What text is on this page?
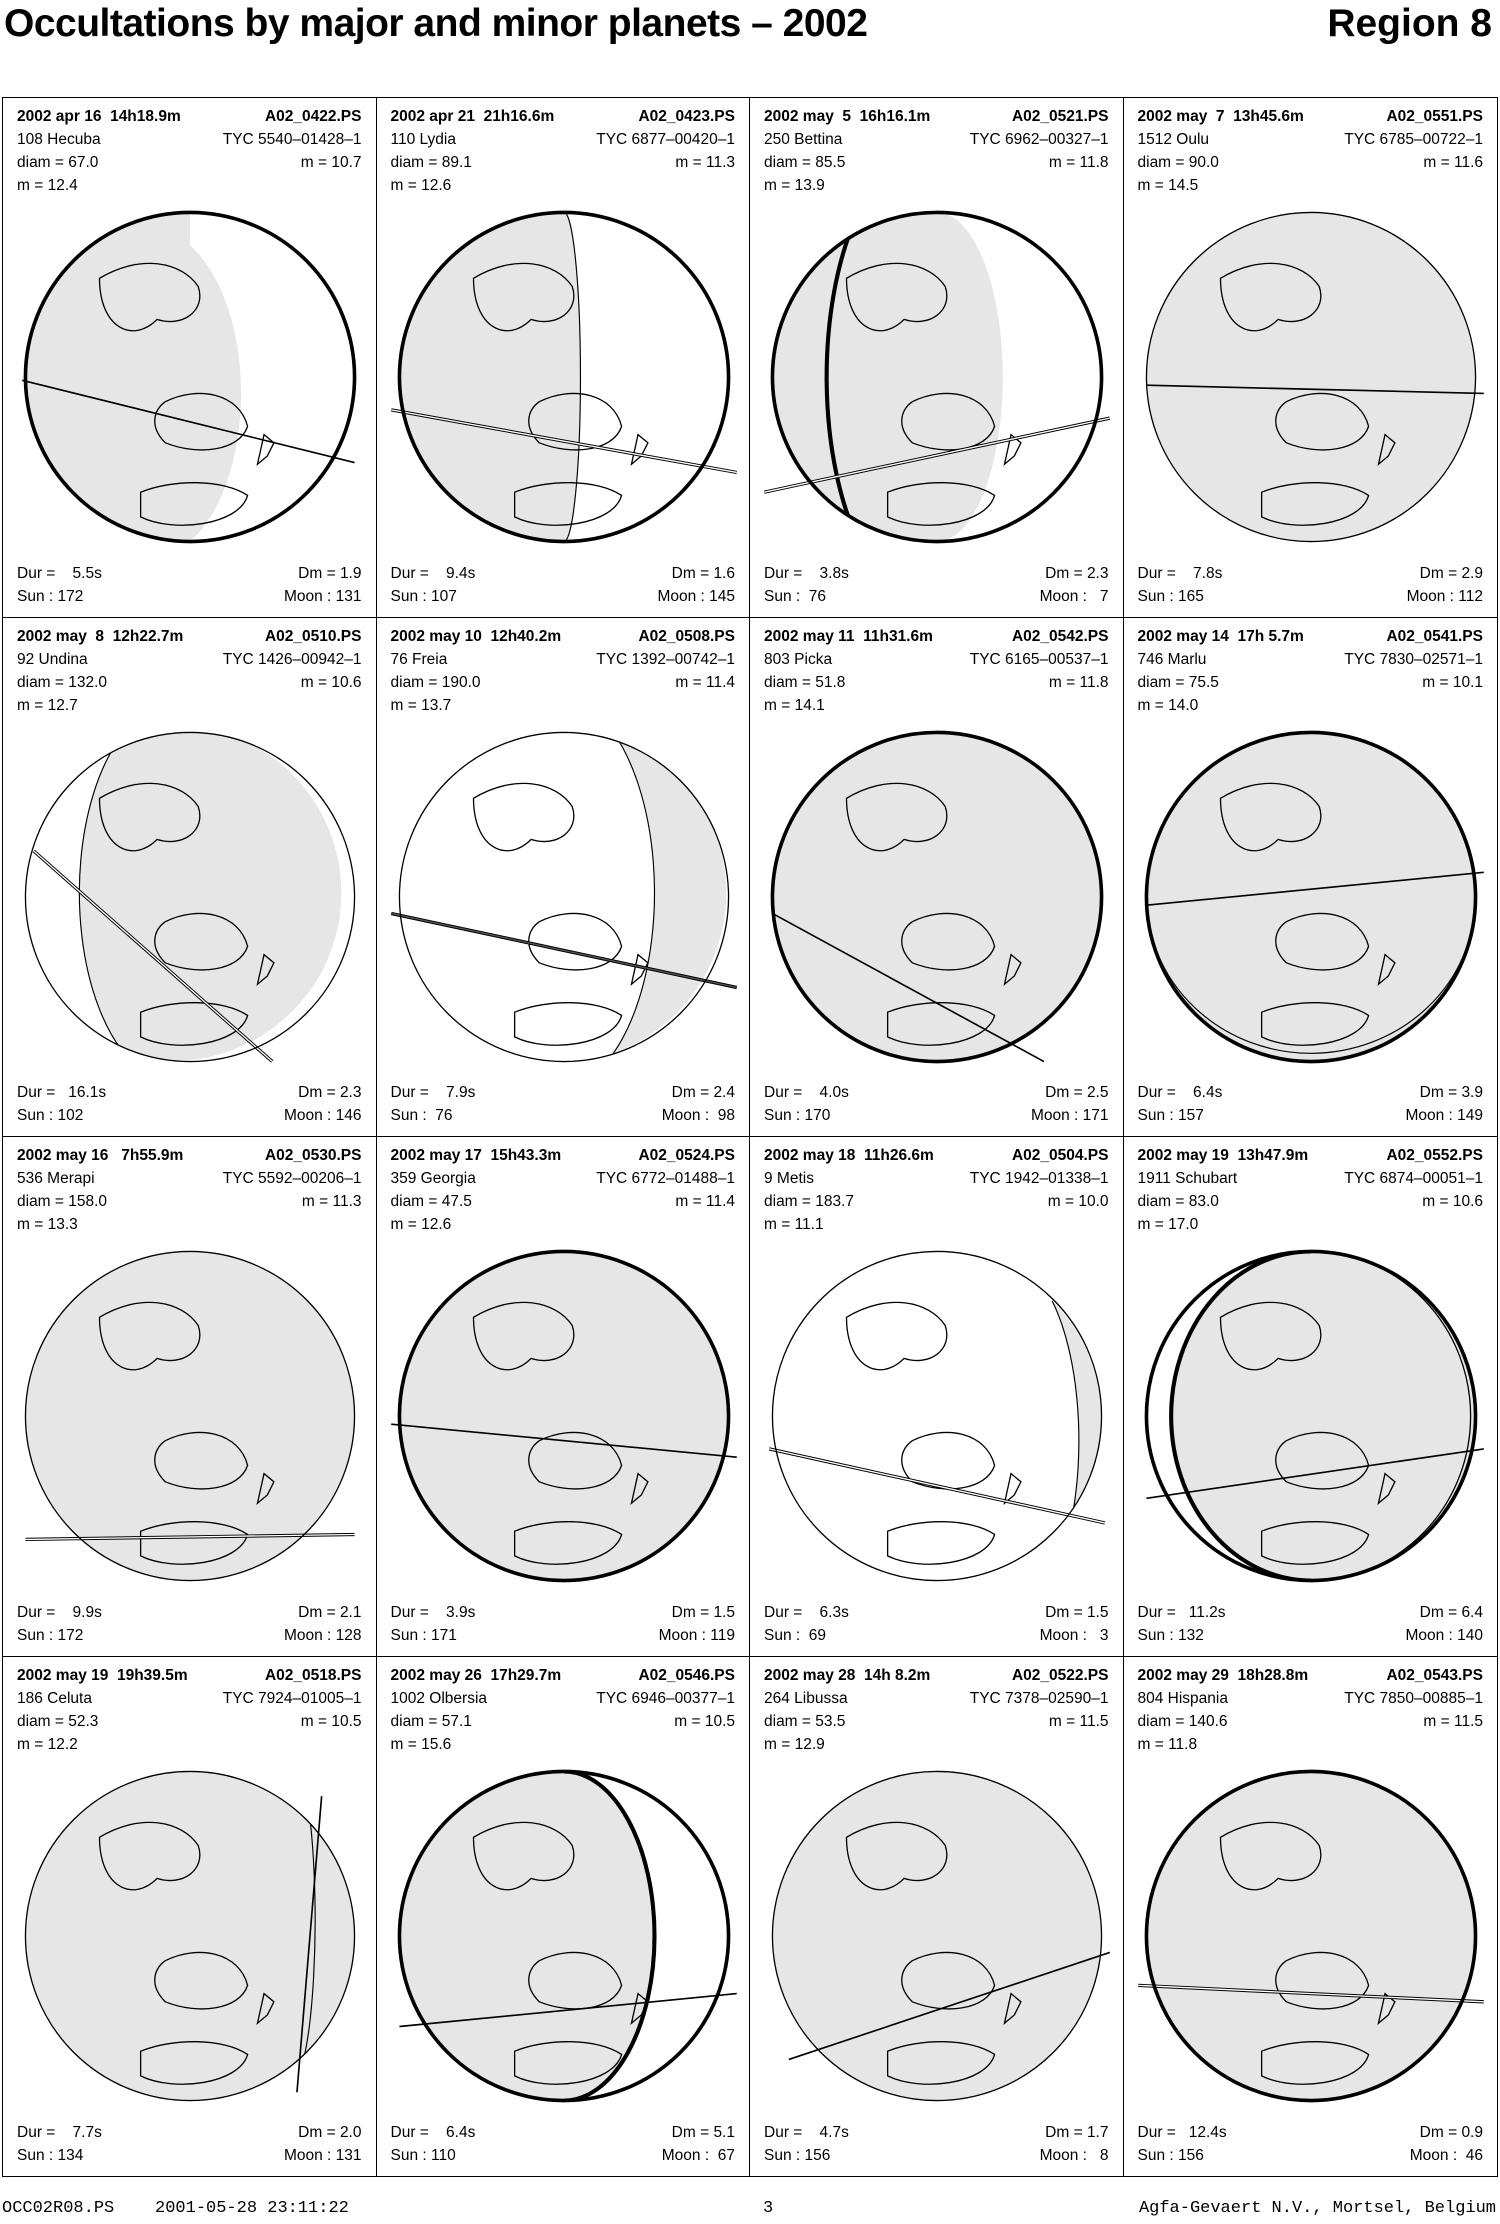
Occultations by major and minor planets – 2002	Region 8
2002 apr 16  14h18.9m	A02_0422.PS
108 Hecuba	TYC 5540–01428–1
diam = 67.0	m = 10.7
m = 12.4
Dur =    5.5s	Dm = 1.9
Sun : 172	Moon : 131
2002 apr 21  21h16.6m	A02_0423.PS
110 Lydia	TYC 6877–00420–1
diam = 89.1	m = 11.3
m = 12.6
Dur =    9.4s	Dm = 1.6
Sun : 107	Moon : 145
2002 may  5  16h16.1m	A02_0521.PS
250 Bettina	TYC 6962–00327–1
diam = 85.5	m = 11.8
m = 13.9
Dur =    3.8s	Dm = 2.3
Sun :  76	Moon :   7
2002 may  7  13h45.6m	A02_0551.PS
1512 Oulu	TYC 6785–00722–1
diam = 90.0	m = 11.6
m = 14.5
Dur =    7.8s	Dm = 2.9
Sun : 165	Moon : 112
2002 may  8  12h22.7m	A02_0510.PS
92 Undina	TYC 1426–00942–1
diam = 132.0	m = 10.6
m = 12.7
Dur =   16.1s	Dm = 2.3
Sun : 102	Moon : 146
2002 may 10  12h40.2m	A02_0508.PS
76 Freia	TYC 1392–00742–1
diam = 190.0	m = 11.4
m = 13.7
Dur =    7.9s	Dm = 2.4
Sun :  76	Moon :  98
2002 may 11  11h31.6m	A02_0542.PS
803 Picka	TYC 6165–00537–1
diam = 51.8	m = 11.8
m = 14.1
Dur =    4.0s	Dm = 2.5
Sun : 170	Moon : 171
2002 may 14  17h 5.7m	A02_0541.PS
746 Marlu	TYC 7830–02571–1
diam = 75.5	m = 10.1
m = 14.0
Dur =    6.4s	Dm = 3.9
Sun : 157	Moon : 149
2002 may 16   7h55.9m	A02_0530.PS
536 Merapi	TYC 5592–00206–1
diam = 158.0	m = 11.3
m = 13.3
Dur =    9.9s	Dm = 2.1
Sun : 172	Moon : 128
2002 may 17  15h43.3m	A02_0524.PS
359 Georgia	TYC 6772–01488–1
diam = 47.5	m = 11.4
m = 12.6
Dur =    3.9s	Dm = 1.5
Sun : 171	Moon : 119
2002 may 18  11h26.6m	A02_0504.PS
9 Metis	TYC 1942–01338–1
diam = 183.7	m = 10.0
m = 11.1
Dur =    6.3s	Dm = 1.5
Sun :  69	Moon :   3
2002 may 19  13h47.9m	A02_0552.PS
1911 Schubart	TYC 6874–00051–1
diam = 83.0	m = 10.6
m = 17.0
Dur =   11.2s	Dm = 6.4
Sun : 132	Moon : 140
2002 may 19  19h39.5m	A02_0518.PS
186 Celuta	TYC 7924–01005–1
diam = 52.3	m = 10.5
m = 12.2
Dur =    7.7s	Dm = 2.0
Sun : 134	Moon : 131
2002 may 26  17h29.7m	A02_0546.PS
1002 Olbersia	TYC 6946–00377–1
diam = 57.1	m = 10.5
m = 15.6
Dur =    6.4s	Dm = 5.1
Sun : 110	Moon :  67
2002 may 28  14h 8.2m	A02_0522.PS
264 Libussa	TYC 7378–02590–1
diam = 53.5	m = 11.5
m = 12.9
Dur =    4.7s	Dm = 1.7
Sun : 156	Moon :   8
2002 may 29  18h28.8m	A02_0543.PS
804 Hispania	TYC 7850–00885–1
diam = 140.6	m = 11.5
m = 11.8
Dur =   12.4s	Dm = 0.9
Sun : 156	Moon :  46
OCC02R08.PS    2001-05-28 23:11:22	3	Agfa-Gevaert N.V., Mortsel, Belgium
